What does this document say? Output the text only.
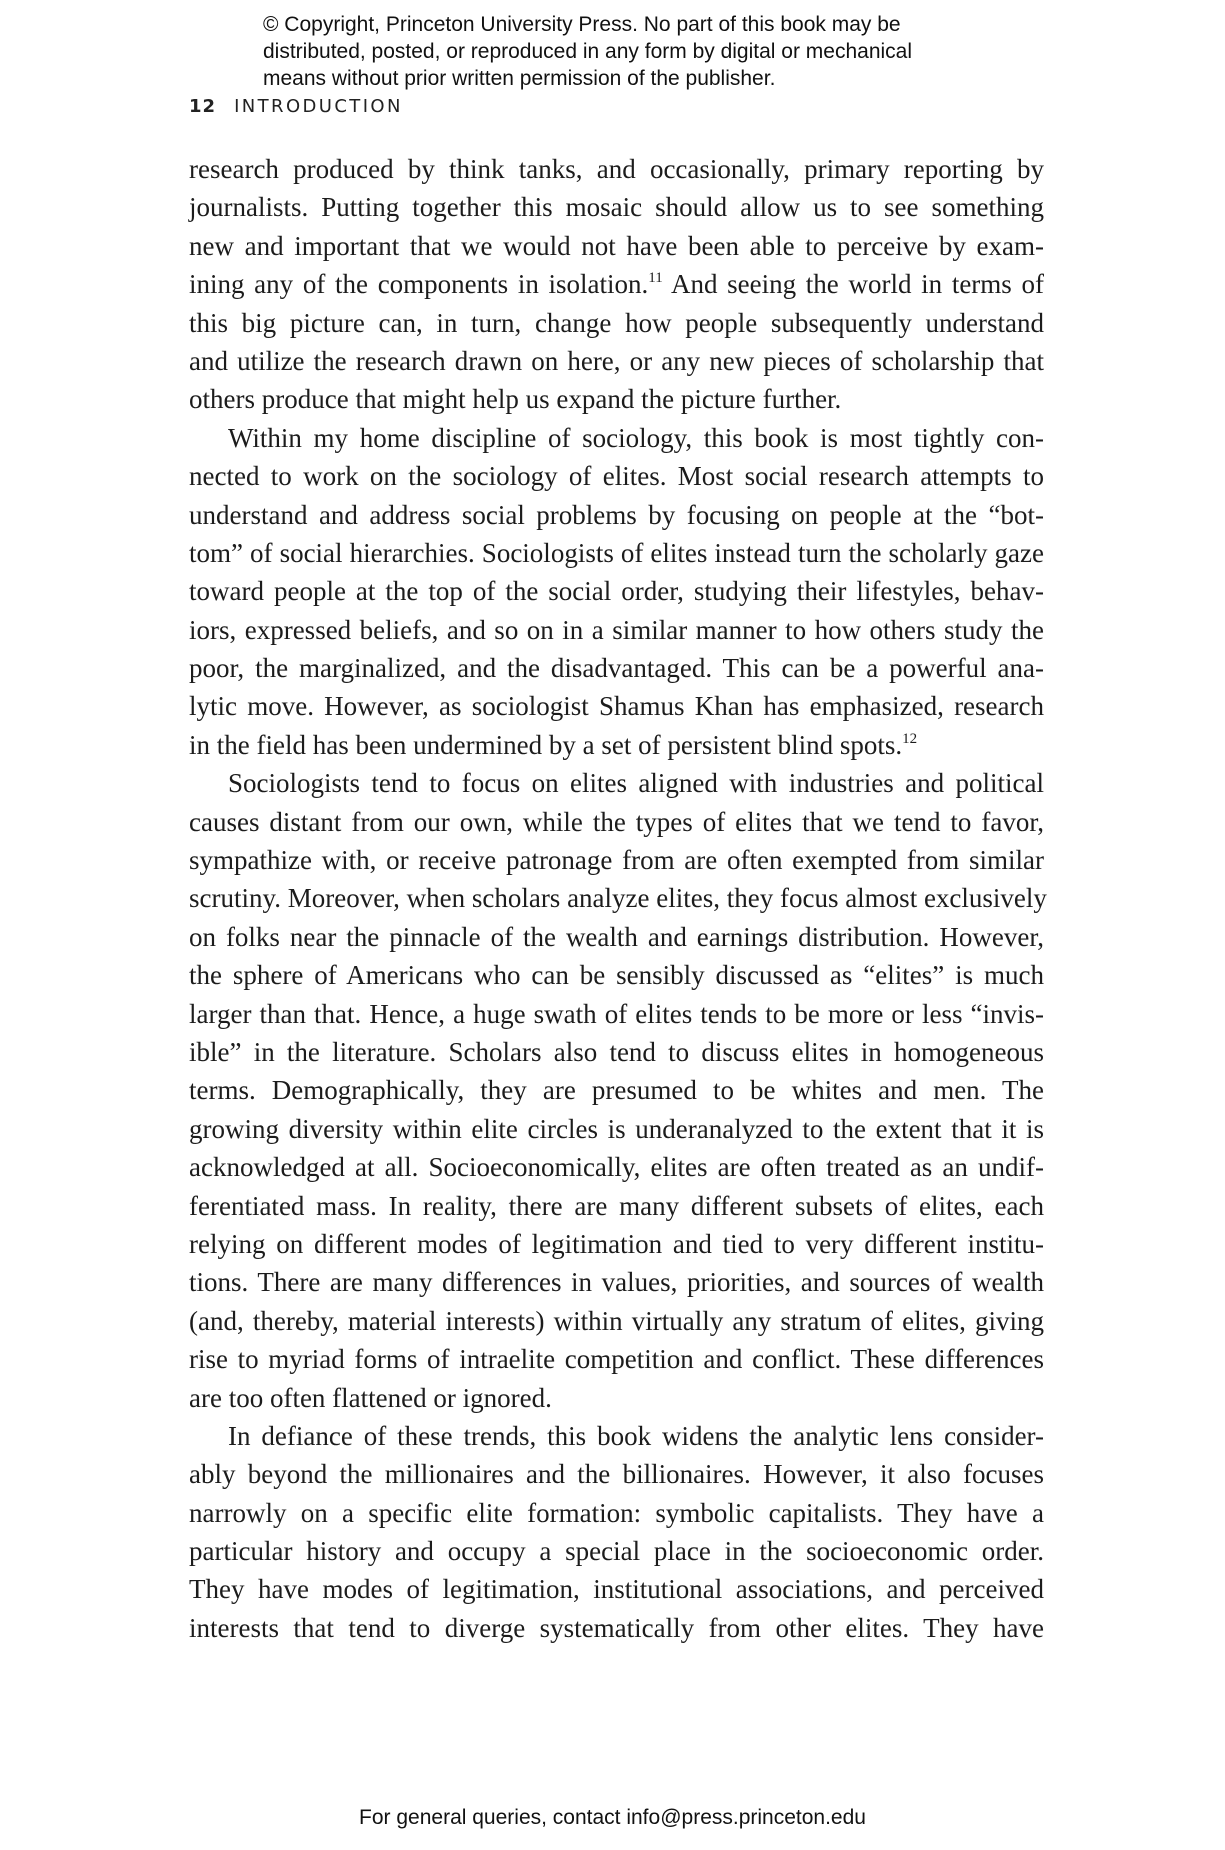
© Copyright, Princeton University Press. No part of this book may be
distributed, posted, or reproduced in any form by digital or mechanical
means without prior written permission of the publisher.
12 INTRODUCTION
research produced by think tanks, and occasionally, primary reporting by
journalists. Putting together this mosaic should allow us to see something
new and important that we would not have been able to perceive by exam-
ining any of the components in isolation.$^{11}$ And seeing the world in terms of
this big picture can, in turn, change how people subsequently understand
and utilize the research drawn on here, or any new pieces of scholarship that
others produce that might help us expand the picture further.
Within my home discipline of sociology, this book is most tightly con-
nected to work on the sociology of elites. Most social research attempts to
understand and address social problems by focusing on people at the “bot-
tom” of social hierarchies. Sociologists of elites instead turn the scholarly gaze
toward people at the top of the social order, studying their lifestyles, behav-
iors, expressed beliefs, and so on in a similar manner to how others study the
poor, the marginalized, and the disadvantaged. This can be a powerful ana-
lytic move. However, as sociologist Shamus Khan has emphasized, research
in the field has been undermined by a set of persistent blind spots.$^{12}$
Sociologists tend to focus on elites aligned with industries and political
causes distant from our own, while the types of elites that we tend to favor,
sympathize with, or receive patronage from are often exempted from similar
scrutiny. Moreover, when scholars analyze elites, they focus almost exclusively
on folks near the pinnacle of the wealth and earnings distribution. However,
the sphere of Americans who can be sensibly discussed as “elites” is much
larger than that. Hence, a huge swath of elites tends to be more or less “invis-
ible” in the literature. Scholars also tend to discuss elites in homogeneous
terms. Demographically, they are presumed to be whites and men. The
growing diversity within elite circles is underanalyzed to the extent that it is
acknowledged at all. Socioeconomically, elites are often treated as an undif-
ferentiated mass. In reality, there are many different subsets of elites, each
relying on different modes of legitimation and tied to very different institu-
tions. There are many differences in values, priorities, and sources of wealth
(and, thereby, material interests) within virtually any stratum of elites, giving
rise to myriad forms of intraelite competition and conflict. These differences
are too often flattened or ignored.
In defiance of these trends, this book widens the analytic lens consider-
ably beyond the millionaires and the billionaires. However, it also focuses
narrowly on a specific elite formation: symbolic capitalists. They have a
particular history and occupy a special place in the socioeconomic order.
They have modes of legitimation, institutional associations, and perceived
interests that tend to diverge systematically from other elites. They have
For general queries, contact info@press.princeton.edu
